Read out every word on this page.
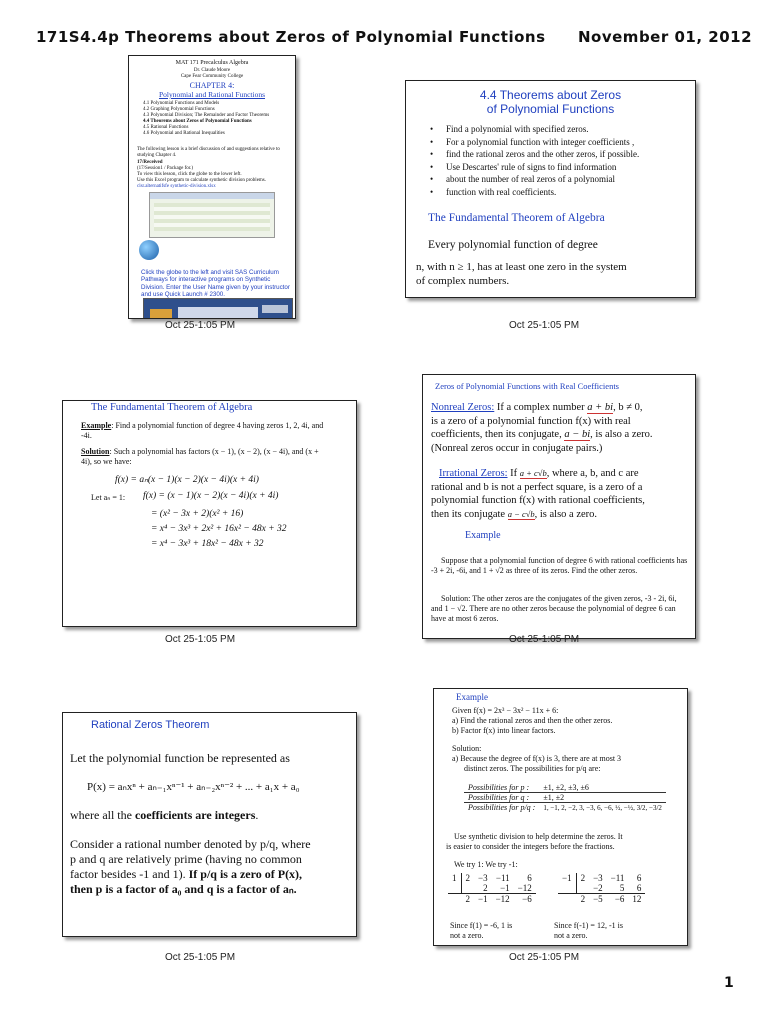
171S4.4p Theorems about Zeros of Polynomial Functions November 01, 2012
MAT 171 Precalculus Algebra
Dr. Claude Moore
Cape Fear Community College
CHAPTER 4:
Polynomial and Rational Functions
4.1 Polynomial Functions and Models
4.2 Graphing Polynomial Functions
4.3 Polynomial Division; The Remainder and Factor Theorems
4.4 Theorems about Zeros of Polynomial Functions
4.5 Rational Functions
4.6 Polynomial and Rational Inequalities
The following lesson is a brief discussion of and suggestions relative to studying Chapter 4.
17/Received
(17/Session1 / Package for.)
To view this lesson, click the globe to the lower left.
Use this Excel program to calculate synthetic division problems.
clsr.alternatifsfe synthetic-division.xlsx
Click the globe to the left and visit SAS Curriculum Pathways for interactive programs on Synthetic Division. Enter the User Name given by your instructor and use Quick Launch # 2300.
Oct 25-1:05 PM
4.4 Theorems about Zeros
of Polynomial Functions
• Find a polynomial with specified zeros.
• For a polynomial function with integer coefficients ,
• find the rational zeros and the other zeros, if possible.
• Use Descartes' rule of signs to find information
• about the number of real zeros of a polynomial
• function with real coefficients.
The Fundamental Theorem of Algebra
Every polynomial function of degree
n, with n ≥ 1, has at least one zero in the system
of complex numbers.
Oct 25-1:05 PM
The Fundamental Theorem of Algebra
Example: Find a polynomial function of degree 4 having zeros 1, 2, 4i, and -4i.
Solution: Such a polynomial has factors (x − 1), (x − 2), (x − 4i), and (x + 4i), so we have:
f(x) = aₙ(x − 1)(x − 2)(x − 4i)(x + 4i)
Let aₙ = 1: f(x) = (x − 1)(x − 2)(x − 4i)(x + 4i)
= (x² − 3x + 2)(x² + 16)
= x⁴ − 3x³ + 2x² + 16x² − 48x + 32
= x⁴ − 3x³ + 18x² − 48x + 32
Oct 25-1:05 PM
Zeros of Polynomial Functions with Real Coefficients
Nonreal Zeros: If a complex number a + bi, b ≠ 0,
is a zero of a polynomial function f(x) with real
coefficients, then its conjugate, a − bi, is also a zero.
(Nonreal zeros occur in conjugate pairs.)
Irrational Zeros: If a + c√b, where a, b, and c are
rational and b is not a perfect square, is a zero of a
polynomial function f(x) with rational coefficients,
then its conjugate a − c√b, is also a zero.
Example
Suppose that a polynomial function of degree 6 with rational coefficients has -3 + 2i, -6i, and 1 + √2 as three of its zeros. Find the other zeros.
Solution: The other zeros are the conjugates of the given zeros, -3 - 2i, 6i, and 1 − √2. There are no other zeros because the polynomial of degree 6 can have at most 6 zeros.
Oct 25-1:05 PM
Rational Zeros Theorem
Let the polynomial function be represented as
P(x) = aₙxⁿ + aₙ₋₁xⁿ⁻¹ + aₙ₋₂xⁿ⁻² + ... + a₁x + a₀
where all the coefficients are integers.
Consider a rational number denoted by p/q, where
p and q are relatively prime (having no common
factor besides -1 and 1). If p/q is a zero of P(x),
then p is a factor of a₀ and q is a factor of aₙ.
Oct 25-1:05 PM
Example
Given f(x) = 2x³ − 3x² − 11x + 6:
a) Find the rational zeros and then the other zeros.
b) Factor f(x) into linear factors.
Solution:
a) Because the degree of f(x) is 3, there are at most 3
distinct zeros. The possibilities for p/q are:
Possibilities for p :	±1, ±2, ±3, ±6
Possibilities for q :	±1, ±2
Possibilities for p/q :	1, −1, 2, −2, 3, −3, 6, −6, ½, −½, 3/2, −3/2
Use synthetic division to help determine the zeros. It
is easier to consider the integers before the fractions.
We try 1: We try -1:
1	2	−3	−11	6
		2	−1	−12
	2	−1	−12	−6
−1	2	−3	−11	6
		−2	5	6
	2	−5	−6	12
Since f(1) = -6, 1 is
not a zero.
Since f(-1) = 12, -1 is
not a zero.
Oct 25-1:05 PM
1
